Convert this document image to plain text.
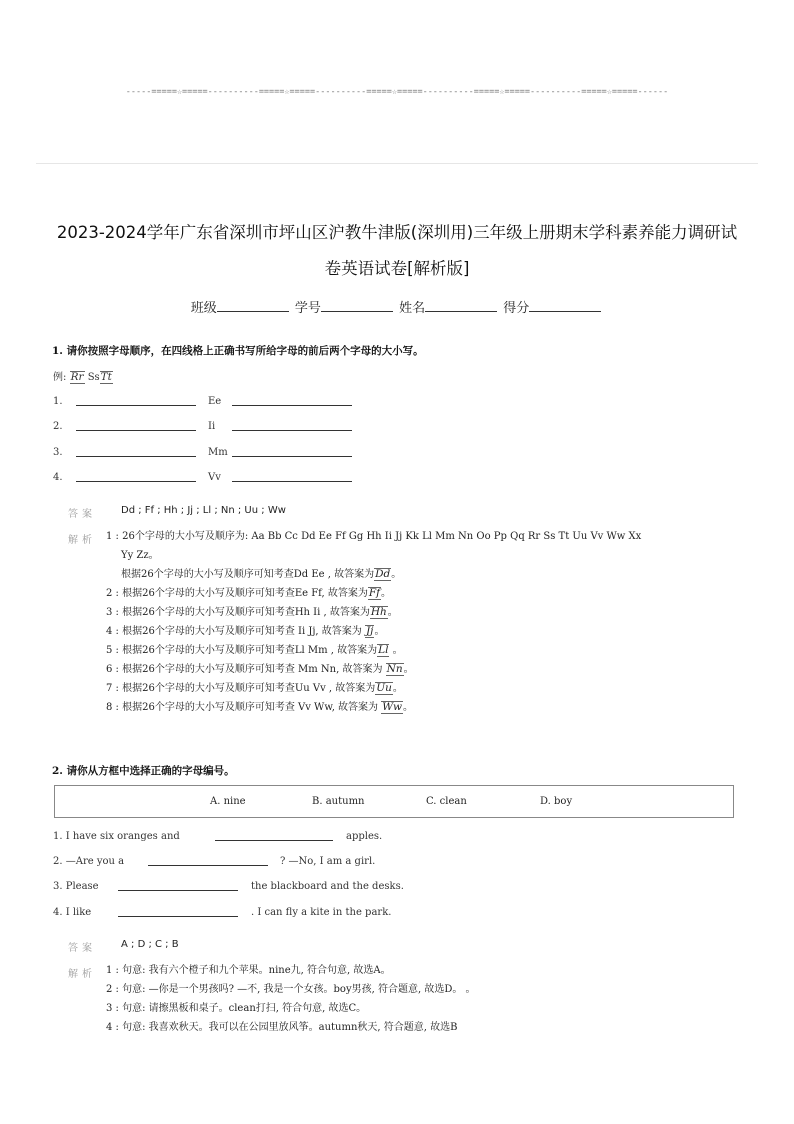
-----=====☆=====----------=====☆=====----------=====☆=====----------=====☆=====----------=====☆=====------
2023-2024学年广东省深圳市坪山区沪教牛津版(深圳用)三年级上册期末学科素养能力调研试
卷英语试卷[解析版]
班级	学号	姓名	得分
1. 请你按照字母顺序，在四线格上正确书写所给字母的前后两个字母的大小写。
例: Rr SsTt
1.	Ee
2.	Ii
3.	Mm
4.	Vv
答案	Dd ; Ff ; Hh ; Jj ; Ll ; Nn ; Uu ; Ww
解析 1 : 26个字母的大小写及顺序为: Aa Bb Cc Dd Ee Ff Gg Hh Ii Jj Kk Ll Mm Nn Oo Pp Qq Rr Ss Tt Uu Vv Ww Xx
Yy Zz。
根据26个字母的大小写及顺序可知考查Dd Ee , 故答案为Dd。
2 : 根据26个字母的大小写及顺序可知考查Ee Ff, 故答案为Ff。
3 : 根据26个字母的大小写及顺序可知考查Hh Ii , 故答案为Hh。
4 : 根据26个字母的大小写及顺序可知考查 Ii Jj, 故答案为 Jj。
5 : 根据26个字母的大小写及顺序可知考查Ll Mm , 故答案为Ll 。
6 : 根据26个字母的大小写及顺序可知考查 Mm Nn, 故答案为 Nn。
7 : 根据26个字母的大小写及顺序可知考查Uu Vv , 故答案为Uu。
8 : 根据26个字母的大小写及顺序可知考查 Vv Ww, 故答案为 Ww。
2. 请你从方框中选择正确的字母编号。
A. nine	B. autumn	C. clean	D. boy
1. I have six oranges and	apples.
2. —Are you a	? —No, I am a girl.
3. Please	the blackboard and the desks.
4. I like	. I can fly a kite in the park.
答案	A ; D ; C ; B
解析 1 : 句意: 我有六个橙子和九个苹果。nine九, 符合句意, 故选A。
2 : 句意: —你是一个男孩吗? —不, 我是一个女孩。boy男孩, 符合题意, 故选D。 。
3 : 句意: 请擦黑板和桌子。clean打扫, 符合句意, 故选C。
4 : 句意: 我喜欢秋天。我可以在公园里放风筝。autumn秋天, 符合题意, 故选B
